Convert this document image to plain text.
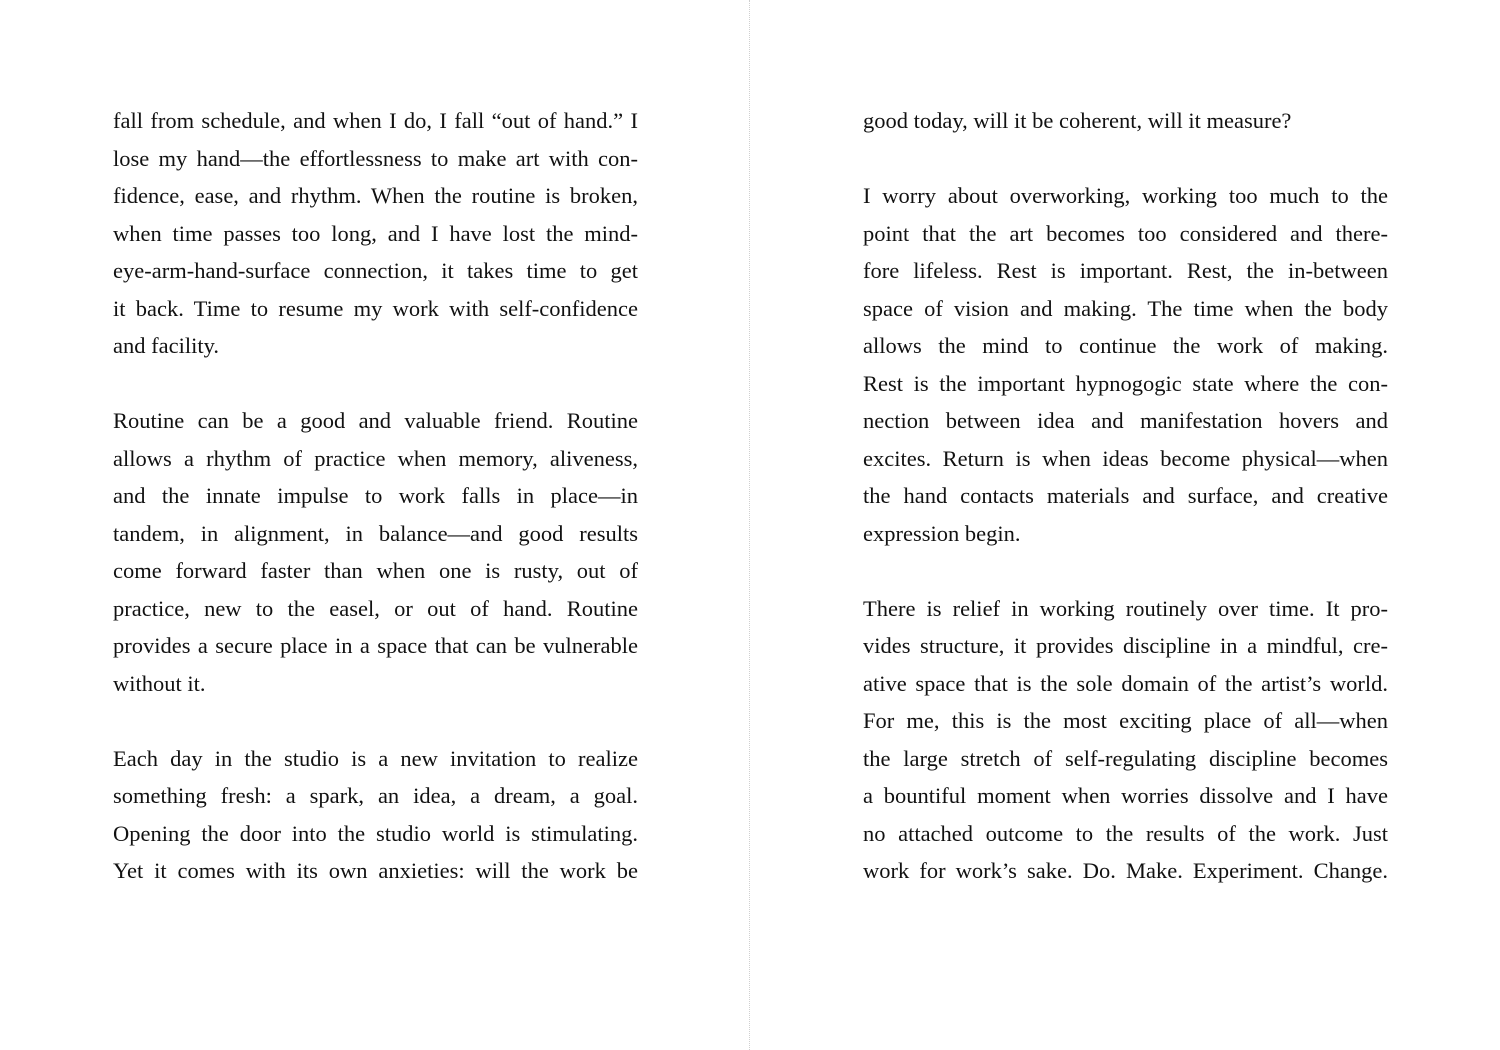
fall from schedule, and when I do, I fall “out of hand.” I
lose my hand—the effortlessness to make art with con-
fidence, ease, and rhythm. When the routine is broken,
when time passes too long, and I have lost the mind-
eye-arm-hand-surface connection, it takes time to get
it back. Time to resume my work with self-confidence
and facility.
Routine can be a good and valuable friend. Routine
allows a rhythm of practice when memory, aliveness,
and the innate impulse to work falls in place—in
tandem, in alignment, in balance—and good results
come forward faster than when one is rusty, out of
practice, new to the easel, or out of hand. Routine
provides a secure place in a space that can be vulnerable
without it.
Each day in the studio is a new invitation to realize
something fresh: a spark, an idea, a dream, a goal.
Opening the door into the studio world is stimulating.
Yet it comes with its own anxieties: will the work be
good today, will it be coherent, will it measure?
I worry about overworking, working too much to the
point that the art becomes too considered and there-
fore lifeless. Rest is important. Rest, the in-between
space of vision and making. The time when the body
allows the mind to continue the work of making.
Rest is the important hypnogogic state where the con-
nection between idea and manifestation hovers and
excites. Return is when ideas become physical—when
the hand contacts materials and surface, and creative
expression begin.
There is relief in working routinely over time. It pro-
vides structure, it provides discipline in a mindful, cre-
ative space that is the sole domain of the artist’s world.
For me, this is the most exciting place of all—when
the large stretch of self-regulating discipline becomes
a bountiful moment when worries dissolve and I have
no attached outcome to the results of the work. Just
work for work’s sake. Do. Make. Experiment. Change.
